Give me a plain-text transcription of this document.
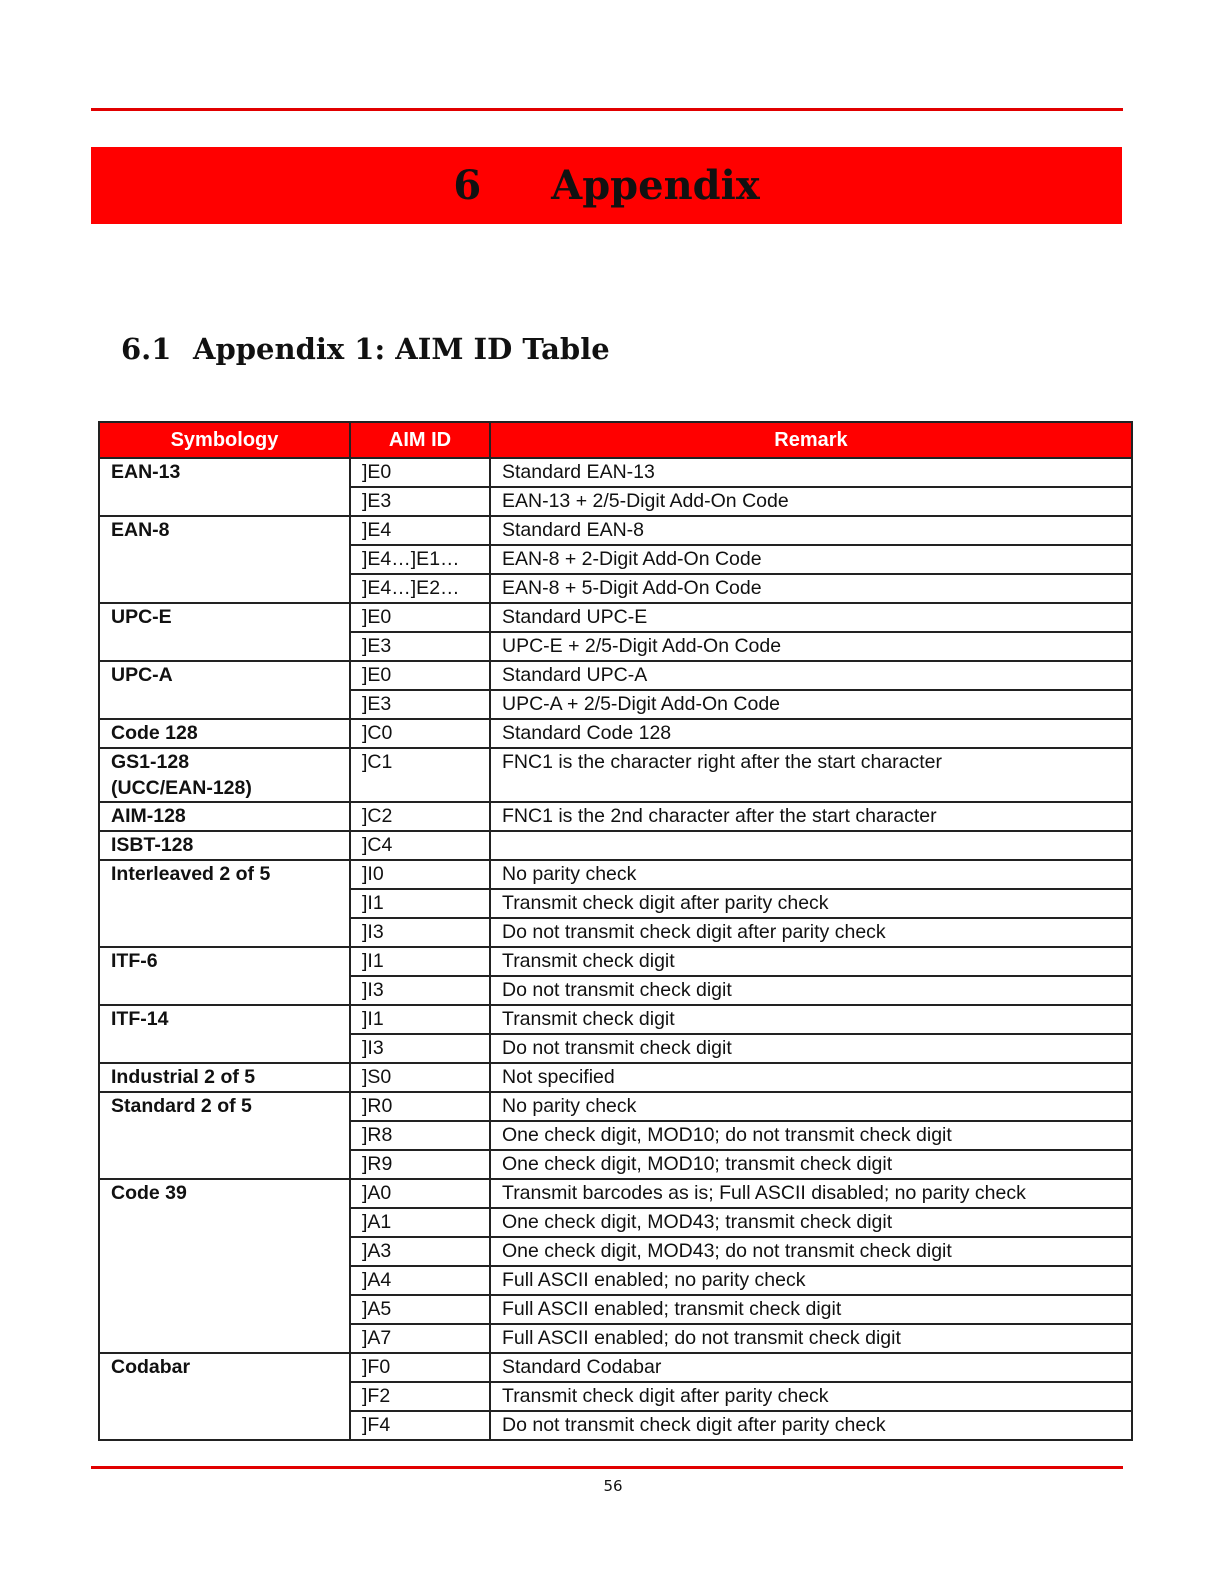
6 Appendix
6.1 Appendix 1: AIM ID Table
Symbology	AIM ID	Remark
EAN-13	]E0	Standard EAN-13
	]E3	EAN-13 + 2/5-Digit Add-On Code
EAN-8	]E4	Standard EAN-8
	]E4…]E1…	EAN-8 + 2-Digit Add-On Code
	]E4…]E2…	EAN-8 + 5-Digit Add-On Code
UPC-E	]E0	Standard UPC-E
	]E3	UPC-E + 2/5-Digit Add-On Code
UPC-A	]E0	Standard UPC-A
	]E3	UPC-A + 2/5-Digit Add-On Code
Code 128	]C0	Standard Code 128
GS1-128
(UCC/EAN-128)	]C1	FNC1 is the character right after the start character
AIM-128	]C2	FNC1 is the 2nd character after the start character
ISBT-128	]C4	
Interleaved 2 of 5	]I0	No parity check
	]I1	Transmit check digit after parity check
	]I3	Do not transmit check digit after parity check
ITF-6	]I1	Transmit check digit
	]I3	Do not transmit check digit
ITF-14	]I1	Transmit check digit
	]I3	Do not transmit check digit
Industrial 2 of 5	]S0	Not specified
Standard 2 of 5	]R0	No parity check
	]R8	One check digit, MOD10; do not transmit check digit
	]R9	One check digit, MOD10; transmit check digit
Code 39	]A0	Transmit barcodes as is; Full ASCII disabled; no parity check
	]A1	One check digit, MOD43; transmit check digit
	]A3	One check digit, MOD43; do not transmit check digit
	]A4	Full ASCII enabled; no parity check
	]A5	Full ASCII enabled; transmit check digit
	]A7	Full ASCII enabled; do not transmit check digit
Codabar	]F0	Standard Codabar
	]F2	Transmit check digit after parity check
	]F4	Do not transmit check digit after parity check
56
